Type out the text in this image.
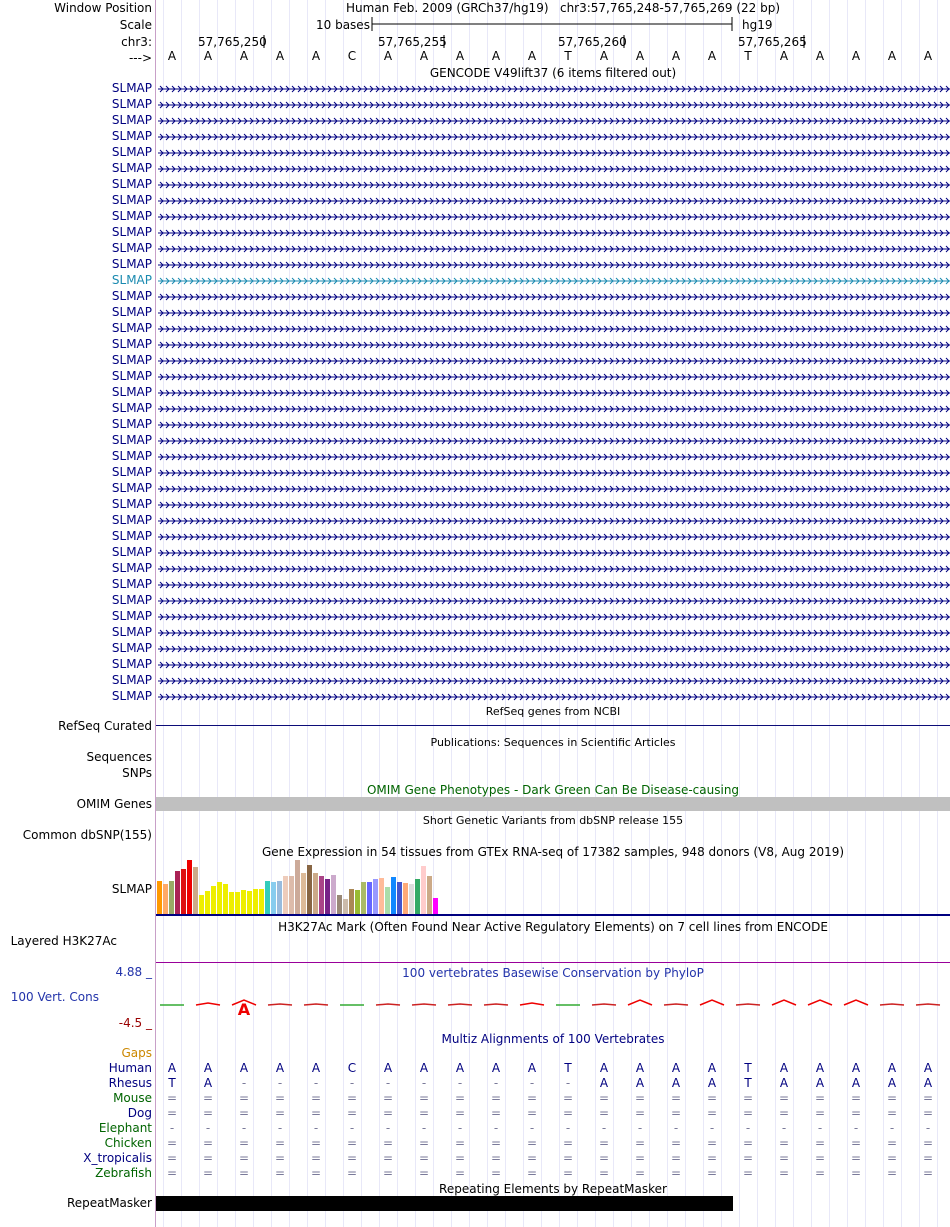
Window Position
Scale
chr3:
--->
SLMAP
SLMAP
SLMAP
SLMAP
SLMAP
SLMAP
SLMAP
SLMAP
SLMAP
SLMAP
SLMAP
SLMAP
SLMAP
SLMAP
SLMAP
SLMAP
SLMAP
SLMAP
SLMAP
SLMAP
SLMAP
SLMAP
SLMAP
SLMAP
SLMAP
SLMAP
SLMAP
SLMAP
SLMAP
SLMAP
SLMAP
SLMAP
SLMAP
SLMAP
SLMAP
SLMAP
SLMAP
SLMAP
SLMAP
RefSeq Curated
Sequences
SNPs
OMIM Genes
Common dbSNP(155)
SLMAP
Layered H3K27Ac
4.88 _
100 Vert. Cons
-4.5 _
Gaps
Human
Rhesus
Mouse
Dog
Elephant
Chicken
X_tropicalis
Zebrafish
RepeatMasker
Human Feb. 2009 (GRCh37/hg19) chr3:57,765,248-57,765,269 (22 bp)
10 bases	hg19
57,765,250	57,765,255	57,765,260	57,765,265
A	A	A	A	A	C	A	A	A	A	A	T	A	A	A	A	T	A	A	A	A	A
GENCODE V49lift37 (6 items filtered out)
RefSeq genes from NCBI
Publications: Sequences in Scientific Articles
OMIM Gene Phenotypes - Dark Green Can Be Disease-causing
Short Genetic Variants from dbSNP release 155
Gene Expression in 54 tissues from GTEx RNA-seq of 17382 samples, 948 donors (V8, Aug 2019)
H3K27Ac Mark (Often Found Near Active Regulatory Elements) on 7 cell lines from ENCODE
100 vertebrates Basewise Conservation by PhyloP
A
Multiz Alignments of 100 Vertebrates
A	A	A	A	A	C	A	A	A	A	A	T	A	A	A	A	T	A	A	A	A	A
T	A	-	-	-	-	-	-	-	-	-	-	A	A	A	A	T	A	A	A	A	A
=	=	=	=	=	=	=	=	=	=	=	=	=	=	=	=	=	=	=	=	=	=
=	=	=	=	=	=	=	=	=	=	=	=	=	=	=	=	=	=	=	=	=	=
-	-	-	-	-	-	-	-	-	-	-	-	-	-	-	-	-	-	-	-	-	-
=	=	=	=	=	=	=	=	=	=	=	=	=	=	=	=	=	=	=	=	=	=
=	=	=	=	=	=	=	=	=	=	=	=	=	=	=	=	=	=	=	=	=	=
=	=	=	=	=	=	=	=	=	=	=	=	=	=	=	=	=	=	=	=	=	=
Repeating Elements by RepeatMasker
